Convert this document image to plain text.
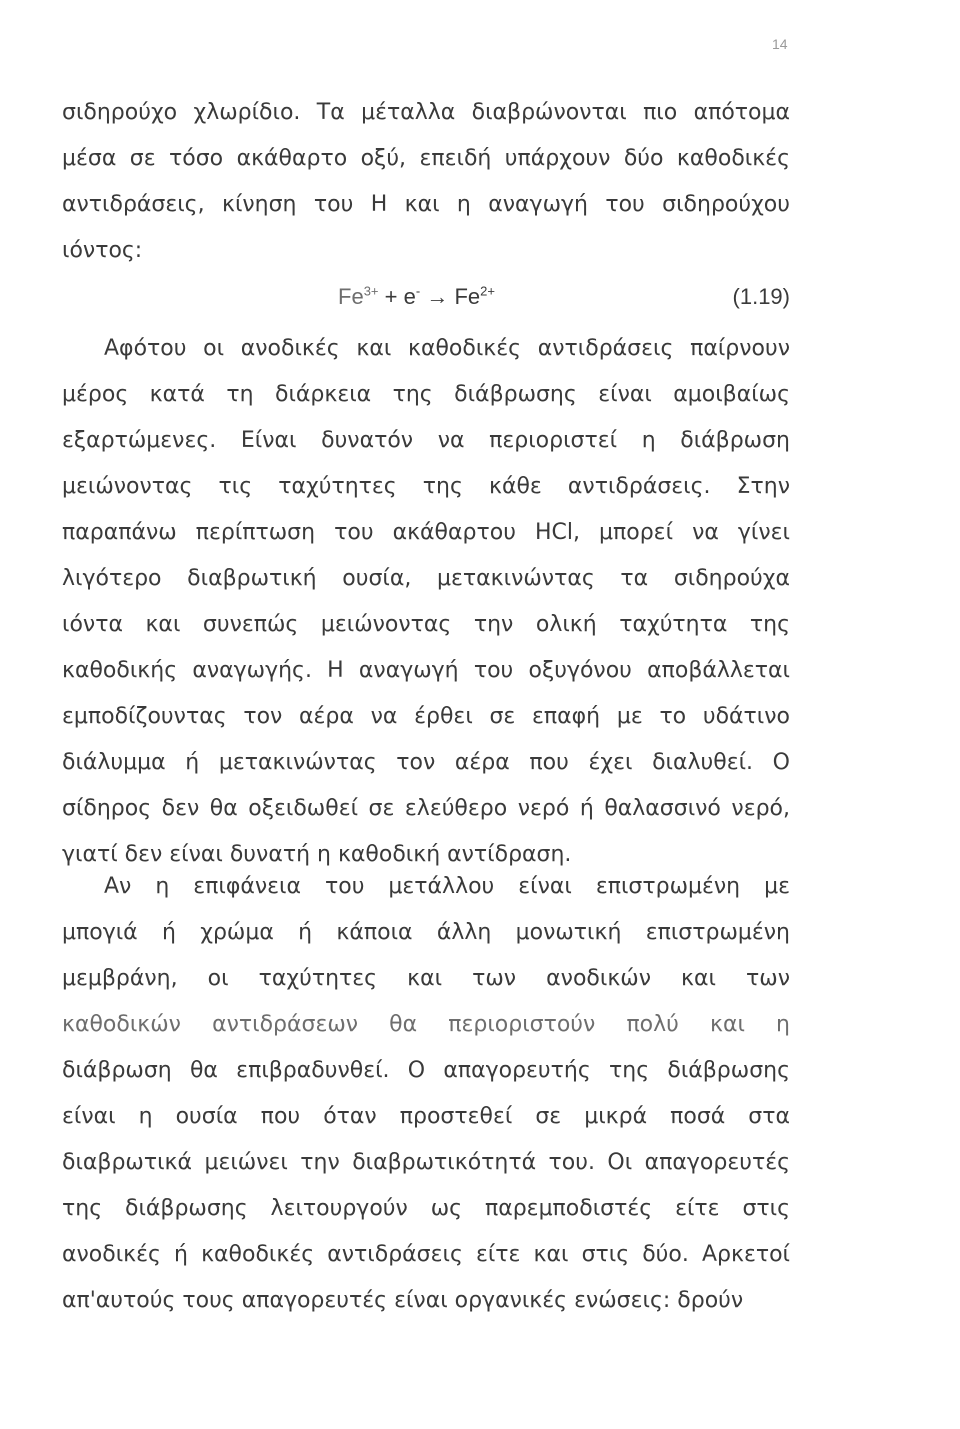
14
σιδηρούχο χλωρίδιο. Τα μέταλλα διαβρώνονται πιο απότομα
μέσα σε τόσο ακάθαρτο οξύ, επειδή υπάρχουν δύο καθοδικές
αντιδράσεις, κίνηση του Η και η αναγωγή του σιδηρούχου
ιόντος:
$Fe^{3+} + e^- \to Fe^{2+}$	(1.19)
Αφότου οι ανοδικές και καθοδικές αντιδράσεις παίρνουν
μέρος κατά τη διάρκεια της διάβρωσης είναι αμοιβαίως
εξαρτώμενες. Είναι δυνατόν να περιοριστεί η διάβρωση
μειώνοντας τις ταχύτητες της κάθε αντιδράσεις. Στην
παραπάνω περίπτωση του ακάθαρτου HCl, μπορεί να γίνει
λιγότερο διαβρωτική ουσία, μετακινώντας τα σιδηρούχα
ιόντα και συνεπώς μειώνοντας την ολική ταχύτητα της
καθοδικής αναγωγής. Η αναγωγή του οξυγόνου αποβάλλεται
εμποδίζουντας τον αέρα να έρθει σε επαφή με το υδάτινο
διάλυμμα ή μετακινώντας τον αέρα που έχει διαλυθεί. Ο
σίδηρος δεν θα οξειδωθεί σε ελεύθερο νερό ή θαλασσινό νερό,
γιατί δεν είναι δυνατή η καθοδική αντίδραση.
Αν η επιφάνεια του μετάλλου είναι επιστρωμένη με
μπογιά ή χρώμα ή κάποια άλλη μονωτική επιστρωμένη
μεμβράνη, οι ταχύτητες και των ανοδικών και των
καθοδικών αντιδράσεων θα περιοριστούν πολύ και η
διάβρωση θα επιβραδυνθεί. Ο απαγορευτής της διάβρωσης
είναι η ουσία που όταν προστεθεί σε μικρά ποσά στα
διαβρωτικά μειώνει την διαβρωτικότητά του. Οι απαγορευτές
της διάβρωσης λειτουργούν ως παρεμποδιστές είτε στις
ανοδικές ή καθοδικές αντιδράσεις είτε και στις δύο. Αρκετοί
απ'αυτούς τους απαγορευτές είναι οργανικές ενώσεις: δρούν
